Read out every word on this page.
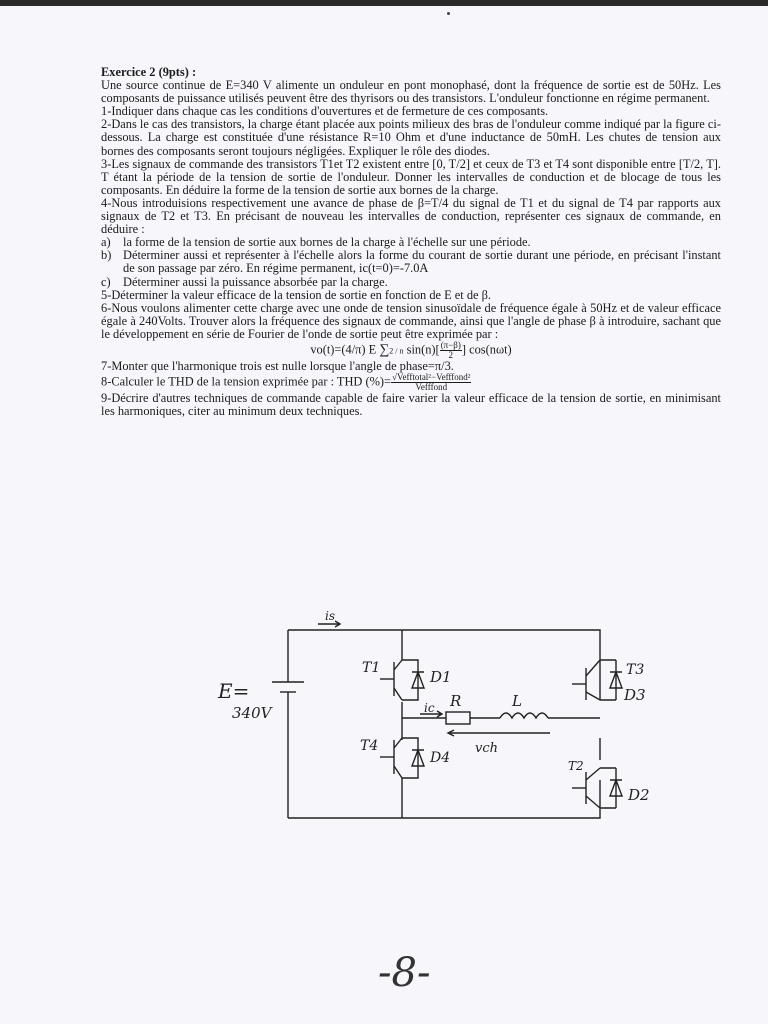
Exercice 2 (9pts) :

Une source continue de E=340 V alimente un onduleur en pont monophasé, dont la fréquence de sortie est de 50Hz. Les composants de puissance utilisés peuvent être des thyrisors ou des transistors. L'onduleur fonctionne en régime permanent.

1-Indiquer dans chaque cas les conditions d'ouvertures et de fermeture de ces composants.

2-Dans le cas des transistors, la charge étant placée aux points milieux des bras de l'onduleur comme indiqué par la figure ci-dessous. La charge est constituée d'une résistance R=10 Ohm et d'une inductance de 50mH. Les chutes de tension aux bornes des composants seront toujours négligées. Expliquer le rôle des diodes.

3-Les signaux de commande des transistors T1et T2 existent entre [0, T/2] et ceux de T3 et T4 sont disponible entre [T/2, T]. T étant la période de la tension de sortie de l'onduleur. Donner les intervalles de conduction et de blocage de tous les composants. En déduire la forme de la tension de sortie aux bornes de la charge.

4-Nous introduisions respectivement une avance de phase de β=T/4 du signal de T1 et du signal de T4 par rapports aux signaux de T2 et T3. En précisant de nouveau les intervalles de conduction, représenter ces signaux de commande, en déduire :

a) la forme de la tension de sortie aux bornes de la charge à l'échelle sur une période.

b) Déterminer aussi et représenter à l'échelle alors la forme du courant de sortie durant une période, en précisant l'instant de son passage par zéro. En régime permanent, ic(t=0)=-7.0A

c) Déterminer aussi la puissance absorbée par la charge.

5-Déterminer la valeur efficace de la tension de sortie en fonction de E et de β.

6-Nous voulons alimenter cette charge avec une onde de tension sinusoïdale de fréquence égale à 50Hz et de valeur efficace égale à 240Volts. Trouver alors la fréquence des signaux de commande, ainsi que l'angle de phase β à introduire, sachant que le développement en série de Fourier de l'onde de sortie peut être exprimée par :

vo(t)=(4/π) E ∑2 / n $\sin(n)[ \frac{(\pi-\beta)}{2}$ ] cos(nωt)

7-Monter que l'harmonique trois est nulle lorsque l'angle de phase=π/3.

8-Calculer le THD de la tension exprimée par : THD (%)= $\frac{\text{√Vefftotal²−Vefffond²}}{\text{Vefffond}}$

9-Décrire d'autres techniques de commande capable de faire varier la valeur efficace de la tension de sortie, en minimisant les harmoniques, citer au minimum deux techniques.

E=
340V
is
T1	D1
T4
D4
R	L
ic
vch
T3
D3
T2
D2
-8-
